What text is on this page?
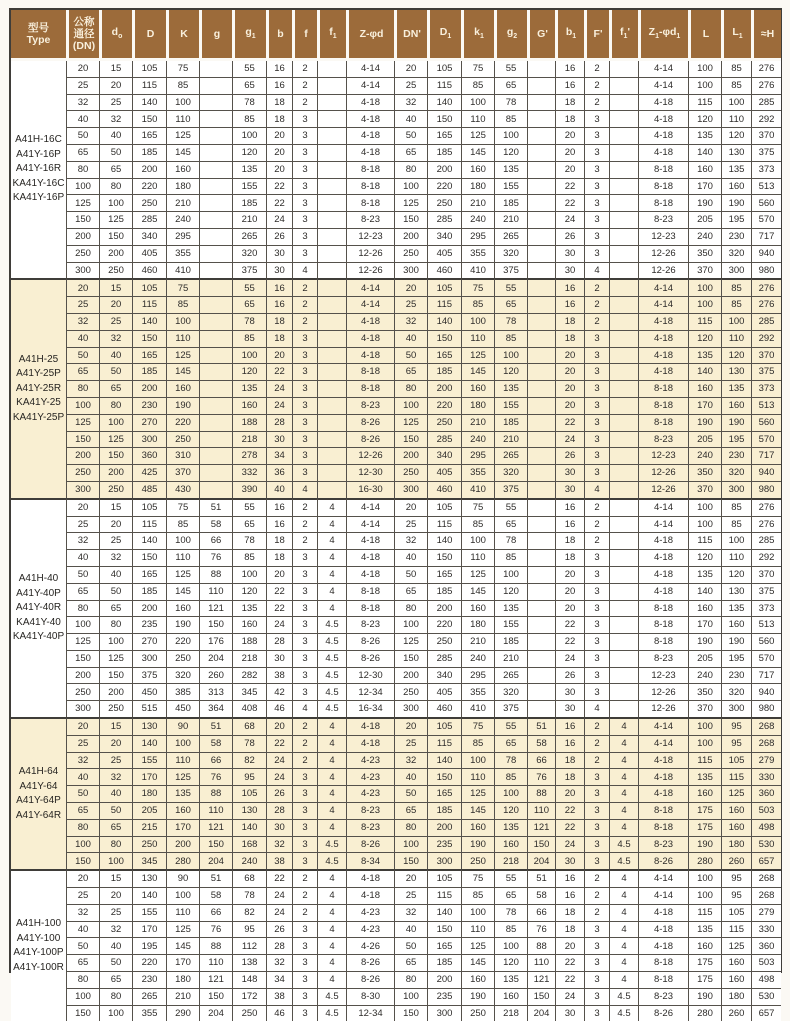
型号
Type	公称
通径
(DN)	$d_o$	D	K	g	$g_1$	b	f	$f_1$	Z-φd	DN'	$D_1$	$k_1$	$g_2$	G'	$b_1$	F'	$f_1'$	$Z_1-\varphi d_1$	L	$L_1$	≈H
A41H-16C
A41Y-16P
A41Y-16R
KA41Y-16C
KA41Y-16P	20	15	105	75		55	16	2		4-14	20	105	75	55		16	2		4-14	100	85	276
	25	20	115	85		65	16	2		4-14	25	115	85	65		16	2		4-14	100	85	276
	32	25	140	100		78	18	2		4-18	32	140	100	78		18	2		4-18	115	100	285
	40	32	150	110		85	18	3		4-18	40	150	110	85		18	3		4-18	120	110	292
	50	40	165	125		100	20	3		4-18	50	165	125	100		20	3		4-18	135	120	370
	65	50	185	145		120	20	3		4-18	65	185	145	120		20	3		4-18	140	130	375
	80	65	200	160		135	20	3		8-18	80	200	160	135		20	3		8-18	160	135	373
	100	80	220	180		155	22	3		8-18	100	220	180	155		22	3		8-18	170	160	513
	125	100	250	210		185	22	3		8-18	125	250	210	185		22	3		8-18	190	190	560
	150	125	285	240		210	24	3		8-23	150	285	240	210		24	3		8-23	205	195	570
	200	150	340	295		265	26	3		12-23	200	340	295	265		26	3		12-23	240	230	717
	250	200	405	355		320	30	3		12-26	250	405	355	320		30	3		12-26	350	320	940
	300	250	460	410		375	30	4		12-26	300	460	410	375		30	4		12-26	370	300	980
A41H-25
A41Y-25P
A41Y-25R
KA41Y-25
KA41Y-25P	20	15	105	75		55	16	2		4-14	20	105	75	55		16	2		4-14	100	85	276
	25	20	115	85		65	16	2		4-14	25	115	85	65		16	2		4-14	100	85	276
	32	25	140	100		78	18	2		4-18	32	140	100	78		18	2		4-18	115	100	285
	40	32	150	110		85	18	3		4-18	40	150	110	85		18	3		4-18	120	110	292
	50	40	165	125		100	20	3		4-18	50	165	125	100		20	3		4-18	135	120	370
	65	50	185	145		120	22	3		8-18	65	185	145	120		20	3		4-18	140	130	375
	80	65	200	160		135	24	3		8-18	80	200	160	135		20	3		8-18	160	135	373
	100	80	230	190		160	24	3		8-23	100	220	180	155		20	3		8-18	170	160	513
	125	100	270	220		188	28	3		8-26	125	250	210	185		22	3		8-18	190	190	560
	150	125	300	250		218	30	3		8-26	150	285	240	210		24	3		8-23	205	195	570
	200	150	360	310		278	34	3		12-26	200	340	295	265		26	3		12-23	240	230	717
	250	200	425	370		332	36	3		12-30	250	405	355	320		30	3		12-26	350	320	940
	300	250	485	430		390	40	4		16-30	300	460	410	375		30	4		12-26	370	300	980
A41H-40
A41Y-40P
A41Y-40R
KA41Y-40
KA41Y-40P	20	15	105	75	51	55	16	2	4	4-14	20	105	75	55		16	2		4-14	100	85	276
	25	20	115	85	58	65	16	2	4	4-14	25	115	85	65		16	2		4-14	100	85	276
	32	25	140	100	66	78	18	2	4	4-18	32	140	100	78		18	2		4-18	115	100	285
	40	32	150	110	76	85	18	3	4	4-18	40	150	110	85		18	3		4-18	120	110	292
	50	40	165	125	88	100	20	3	4	4-18	50	165	125	100		20	3		4-18	135	120	370
	65	50	185	145	110	120	22	3	4	8-18	65	185	145	120		20	3		4-18	140	130	375
	80	65	200	160	121	135	22	3	4	8-18	80	200	160	135		20	3		8-18	160	135	373
	100	80	235	190	150	160	24	3	4.5	8-23	100	220	180	155		22	3		8-18	170	160	513
	125	100	270	220	176	188	28	3	4.5	8-26	125	250	210	185		22	3		8-18	190	190	560
	150	125	300	250	204	218	30	3	4.5	8-26	150	285	240	210		24	3		8-23	205	195	570
	200	150	375	320	260	282	38	3	4.5	12-30	200	340	295	265		26	3		12-23	240	230	717
	250	200	450	385	313	345	42	3	4.5	12-34	250	405	355	320		30	3		12-26	350	320	940
	300	250	515	450	364	408	46	4	4.5	16-34	300	460	410	375		30	4		12-26	370	300	980
A41H-64
A41Y-64
A41Y-64P
A41Y-64R	20	15	130	90	51	68	20	2	4	4-18	20	105	75	55	51	16	2	4	4-14	100	95	268
	25	20	140	100	58	78	22	2	4	4-18	25	115	85	65	58	16	2	4	4-14	100	95	268
	32	25	155	110	66	82	24	2	4	4-23	32	140	100	78	66	18	2	4	4-18	115	105	279
	40	32	170	125	76	95	24	3	4	4-23	40	150	110	85	76	18	3	4	4-18	135	115	330
	50	40	180	135	88	105	26	3	4	4-23	50	165	125	100	88	20	3	4	4-18	160	125	360
	65	50	205	160	110	130	28	3	4	8-23	65	185	145	120	110	22	3	4	8-18	175	160	503
	80	65	215	170	121	140	30	3	4	8-23	80	200	160	135	121	22	3	4	8-18	175	160	498
	100	80	250	200	150	168	32	3	4.5	8-26	100	235	190	160	150	24	3	4.5	8-23	190	180	530
	150	100	345	280	204	240	38	3	4.5	8-34	150	300	250	218	204	30	3	4.5	8-26	280	260	657
A41H-100
A41Y-100
A41Y-100P
A41Y-100R	20	15	130	90	51	68	22	2	4	4-18	20	105	75	55	51	16	2	4	4-14	100	95	268
	25	20	140	100	58	78	24	2	4	4-18	25	115	85	65	58	16	2	4	4-14	100	95	268
	32	25	155	110	66	82	24	2	4	4-23	32	140	100	78	66	18	2	4	4-18	115	105	279
	40	32	170	125	76	95	26	3	4	4-23	40	150	110	85	76	18	3	4	4-18	135	115	330
	50	40	195	145	88	112	28	3	4	4-26	50	165	125	100	88	20	3	4	4-18	160	125	360
	65	50	220	170	110	138	32	3	4	8-26	65	185	145	120	110	22	3	4	8-18	175	160	503
	80	65	230	180	121	148	34	3	4	8-26	80	200	160	135	121	22	3	4	8-18	175	160	498
	100	80	265	210	150	172	38	3	4.5	8-30	100	235	190	160	150	24	3	4.5	8-23	190	180	530
	150	100	355	290	204	250	46	3	4.5	12-34	150	300	250	218	204	30	3	4.5	8-26	280	260	657
